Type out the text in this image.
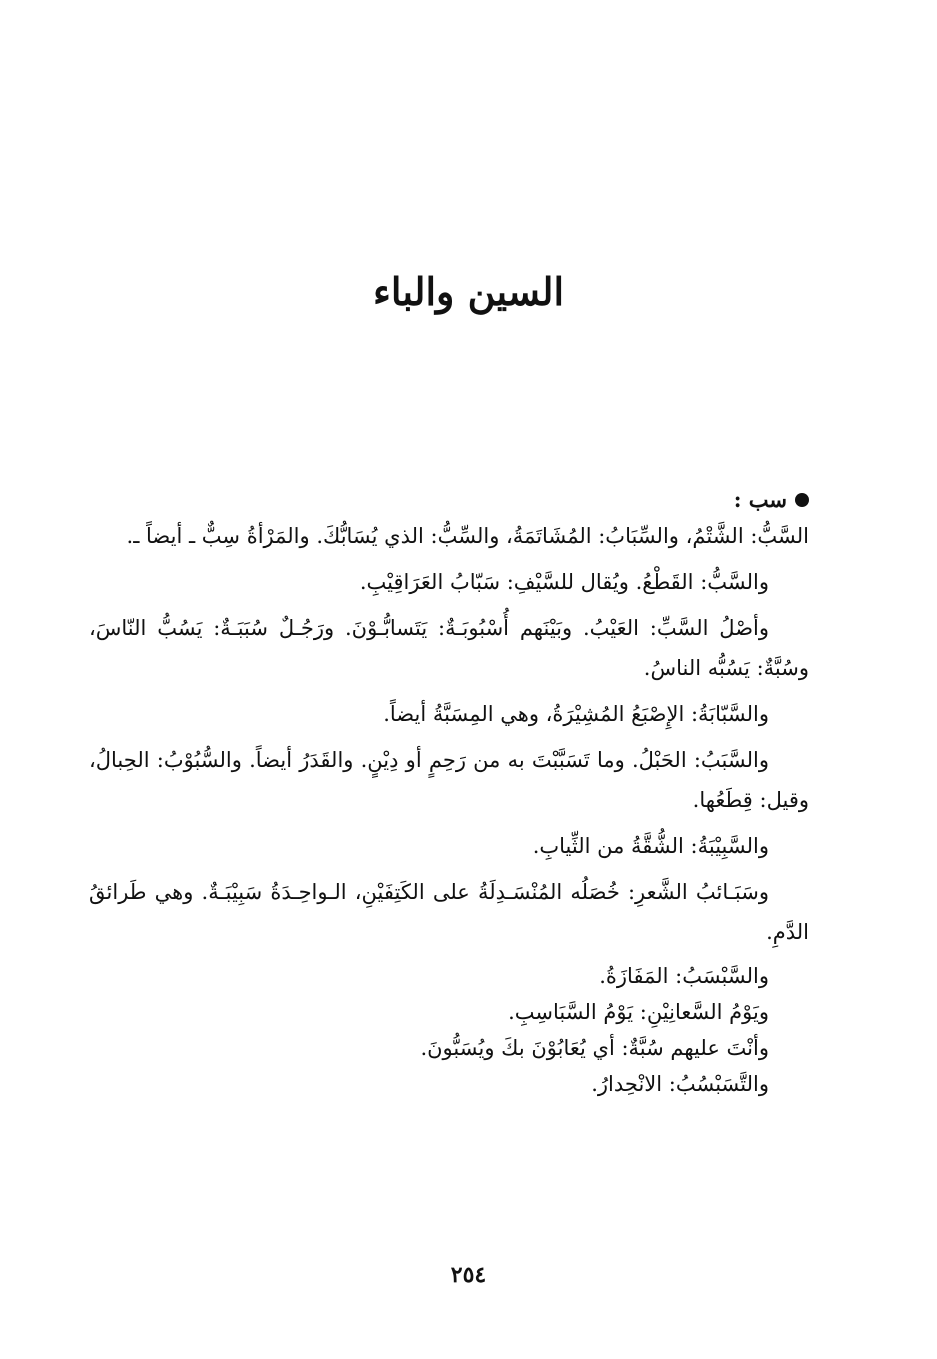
السين والباء
سب :

السَّبُّ: الشَّتْمُ، والسِّبَابُ: المُشَاتَمَةُ، والسِّبُّ: الذي يُسَابُّكَ. والمَرْأةُ سِبٌّ ـ أيضاً ـ.

والسَّبُّ: القَطْعُ. ويُقال للسَّيْفِ: سَبّابُ العَرَاقِيْبِ.

وأصْلُ السَّبِّ: العَيْبُ. وبَيْنَهم أُسْبُوبَـةٌ: يَتَسابُّـوْنَ. ورَجُـلٌ سُبَبَـةٌ: يَسُبُّ النّاسَ، وسُبَّةٌ: يَسُبُّه الناسُ.

والسَّبّابَةُ: الإِصْبَعُ المُشِيْرَةُ، وهي المِسَبَّةُ أيضاً.

والسَّبَبُ: الحَبْلُ. وما تَسَبَّبْتَ به من رَحِمٍ أو دِيْنٍ. والقَدَرُ أيضاً. والسُّبُوْبُ: الحِبالُ، وقيل: قِطَعُها.

والسَّبِيْبَةُ: الشُّقَّةُ من الثِّيابِ.

وسَبَـائبُ الشَّعرِ: خُصَلُه المُنْسَـدِلَةُ على الكَتِفَيْنِ، الـواحِـدَةُ سَبِيْبَـةٌ. وهي طَرائقُ الدَّمِ.

والسَّبْسَبُ: المَفَازَةُ.

ويَوْمُ السَّعانِيْنِ: يَوْمُ السَّبَاسِبِ.

وأنْتَ عليهم سُبَّةٌ: أي يُعَابُوْنَ بكَ ويُسَبُّونَ.

والتَّسَبْسُبُ: الانْحِدارُ.

٢٥٤
